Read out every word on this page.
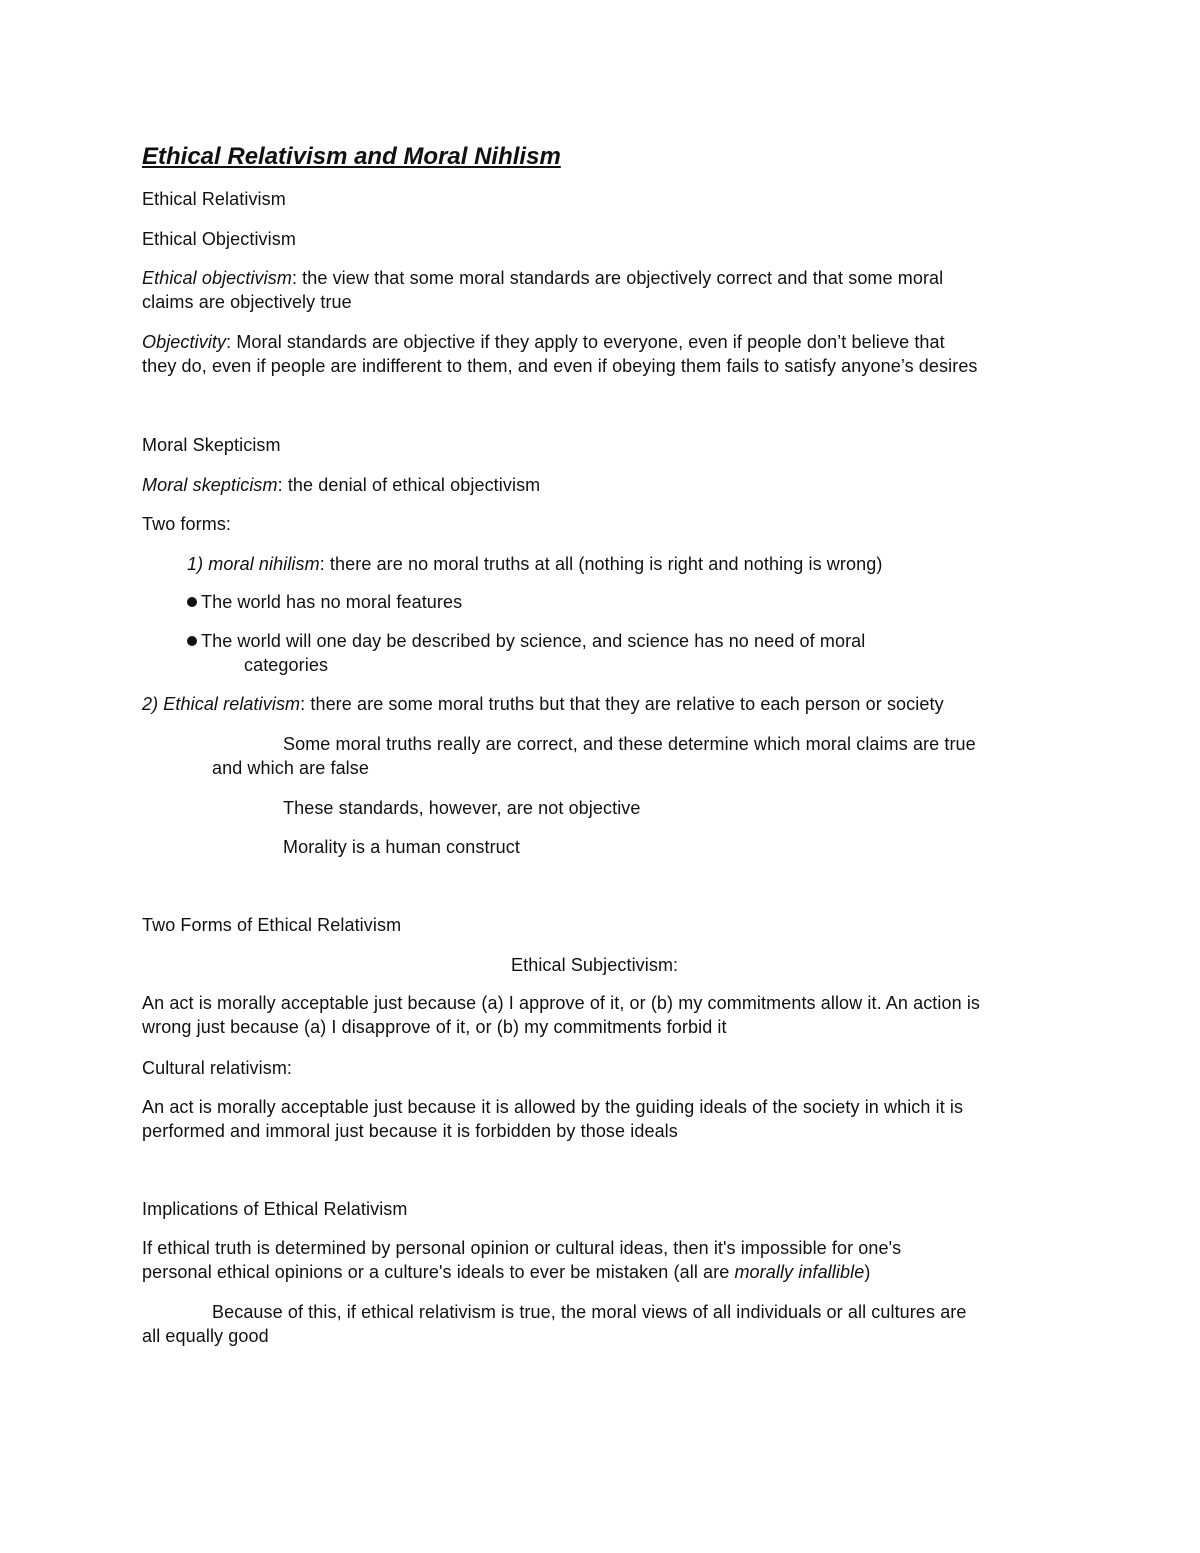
Ethical Relativism and Moral Nihlism
Ethical Relativism
Ethical Objectivism
Ethical objectivism: the view that some moral standards are objectively correct and that some moral
claims are objectively true
Objectivity: Moral standards are objective if they apply to everyone, even if people don’t believe that
they do, even if people are indifferent to them, and even if obeying them fails to satisfy anyone’s desires
Moral Skepticism
Moral skepticism: the denial of ethical objectivism
Two forms:
1) moral nihilism: there are no moral truths at all (nothing is right and nothing is wrong)
The world has no moral features
The world will one day be described by science, and science has no need of moral
categories
2) Ethical relativism: there are some moral truths but that they are relative to each person or society
Some moral truths really are correct, and these determine which moral claims are true
and which are false
These standards, however, are not objective
Morality is a human construct
Two Forms of Ethical Relativism
Ethical Subjectivism:
An act is morally acceptable just because (a) I approve of it, or (b) my commitments allow it. An action is
wrong just because (a) I disapprove of it, or (b) my commitments forbid it
Cultural relativism:
An act is morally acceptable just because it is allowed by the guiding ideals of the society in which it is
performed and immoral just because it is forbidden by those ideals
Implications of Ethical Relativism
If ethical truth is determined by personal opinion or cultural ideas, then it's impossible for one's
personal ethical opinions or a culture's ideals to ever be mistaken (all are morally infallible)
Because of this, if ethical relativism is true, the moral views of all individuals or all cultures are
all equally good
